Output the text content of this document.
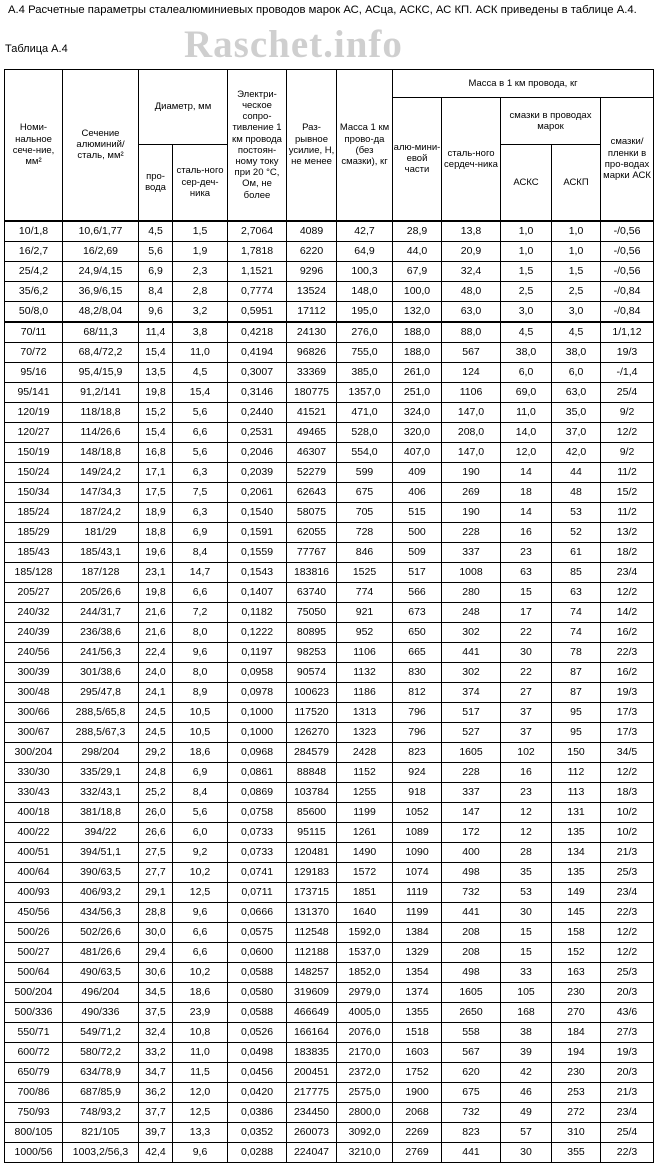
А.4 Расчетные параметры сталеалюминиевых проводов марок АС, АСцa, АСКС, АС КП. АСК приведены в таблице А.4.
Raschet.info
Таблица А.4
Номи-нальное сече-ние, мм²	Сечение алюминий/ сталь, мм²	Диаметр, мм		Электри-ческое сопро-тивление 1 км провода постоян-ному току при 20 °С, Ом, не более	Раз-рывное усилие, Н, не менее	Масса 1 км прово-да (без смазки), кг	Масса в 1 км провода, кг				
							алю-мини-евой части	сталь-ного сердеч-ника	смазки в проводах марок		смазки/ пленки в про-водах марки АСК
		про-вода	сталь-ного сер-деч-ника						АСКС	АСКП	
10/1,8	10,6/1,77	4,5	1,5	2,7064	4089	42,7	28,9	13,8	1,0	1,0	-/0,56
16/2,7	16/2,69	5,6	1,9	1,7818	6220	64,9	44,0	20,9	1,0	1,0	-/0,56
25/4,2	24,9/4,15	6,9	2,3	1,1521	9296	100,3	67,9	32,4	1,5	1,5	-/0,56
35/6,2	36,9/6,15	8,4	2,8	0,7774	13524	148,0	100,0	48,0	2,5	2,5	-/0,84
50/8,0	48,2/8,04	9,6	3,2	0,5951	17112	195,0	132,0	63,0	3,0	3,0	-/0,84
70/11	68/11,3	11,4	3,8	0,4218	24130	276,0	188,0	88,0	4,5	4,5	1/1,12
70/72	68,4/72,2	15,4	11,0	0,4194	96826	755,0	188,0	567	38,0	38,0	19/3
95/16	95,4/15,9	13,5	4,5	0,3007	33369	385,0	261,0	124	6,0	6,0	-/1,4
95/141	91,2/141	19,8	15,4	0,3146	180775	1357,0	251,0	1106	69,0	63,0	25/4
120/19	118/18,8	15,2	5,6	0,2440	41521	471,0	324,0	147,0	11,0	35,0	9/2
120/27	114/26,6	15,4	6,6	0,2531	49465	528,0	320,0	208,0	14,0	37,0	12/2
150/19	148/18,8	16,8	5,6	0,2046	46307	554,0	407,0	147,0	12,0	42,0	9/2
150/24	149/24,2	17,1	6,3	0,2039	52279	599	409	190	14	44	11/2
150/34	147/34,3	17,5	7,5	0,2061	62643	675	406	269	18	48	15/2
185/24	187/24,2	18,9	6,3	0,1540	58075	705	515	190	14	53	11/2
185/29	181/29	18,8	6,9	0,1591	62055	728	500	228	16	52	13/2
185/43	185/43,1	19,6	8,4	0,1559	77767	846	509	337	23	61	18/2
185/128	187/128	23,1	14,7	0,1543	183816	1525	517	1008	63	85	23/4
205/27	205/26,6	19,8	6,6	0,1407	63740	774	566	280	15	63	12/2
240/32	244/31,7	21,6	7,2	0,1182	75050	921	673	248	17	74	14/2
240/39	236/38,6	21,6	8,0	0,1222	80895	952	650	302	22	74	16/2
240/56	241/56,3	22,4	9,6	0,1197	98253	1106	665	441	30	78	22/3
300/39	301/38,6	24,0	8,0	0,0958	90574	1132	830	302	22	87	16/2
300/48	295/47,8	24,1	8,9	0,0978	100623	1186	812	374	27	87	19/3
300/66	288,5/65,8	24,5	10,5	0,1000	117520	1313	796	517	37	95	17/3
300/67	288,5/67,3	24,5	10,5	0,1000	126270	1323	796	527	37	95	17/3
300/204	298/204	29,2	18,6	0,0968	284579	2428	823	1605	102	150	34/5
330/30	335/29,1	24,8	6,9	0,0861	88848	1152	924	228	16	112	12/2
330/43	332/43,1	25,2	8,4	0,0869	103784	1255	918	337	23	113	18/3
400/18	381/18,8	26,0	5,6	0,0758	85600	1199	1052	147	12	131	10/2
400/22	394/22	26,6	6,0	0,0733	95115	1261	1089	172	12	135	10/2
400/51	394/51,1	27,5	9,2	0,0733	120481	1490	1090	400	28	134	21/3
400/64	390/63,5	27,7	10,2	0,0741	129183	1572	1074	498	35	135	25/3
400/93	406/93,2	29,1	12,5	0,0711	173715	1851	1119	732	53	149	23/4
450/56	434/56,3	28,8	9,6	0,0666	131370	1640	1199	441	30	145	22/3
500/26	502/26,6	30,0	6,6	0,0575	112548	1592,0	1384	208	15	158	12/2
500/27	481/26,6	29,4	6,6	0,0600	112188	1537,0	1329	208	15	152	12/2
500/64	490/63,5	30,6	10,2	0,0588	148257	1852,0	1354	498	33	163	25/3
500/204	496/204	34,5	18,6	0,0580	319609	2979,0	1374	1605	105	230	20/3
500/336	490/336	37,5	23,9	0,0588	466649	4005,0	1355	2650	168	270	43/6
550/71	549/71,2	32,4	10,8	0,0526	166164	2076,0	1518	558	38	184	27/3
600/72	580/72,2	33,2	11,0	0,0498	183835	2170,0	1603	567	39	194	19/3
650/79	634/78,9	34,7	11,5	0,0456	200451	2372,0	1752	620	42	230	20/3
700/86	687/85,9	36,2	12,0	0,0420	217775	2575,0	1900	675	46	253	21/3
750/93	748/93,2	37,7	12,5	0,0386	234450	2800,0	2068	732	49	272	23/4
800/105	821/105	39,7	13,3	0,0352	260073	3092,0	2269	823	57	310	25/4
1000/56	1003,2/56,3	42,4	9,6	0,0288	224047	3210,0	2769	441	30	355	22/3
